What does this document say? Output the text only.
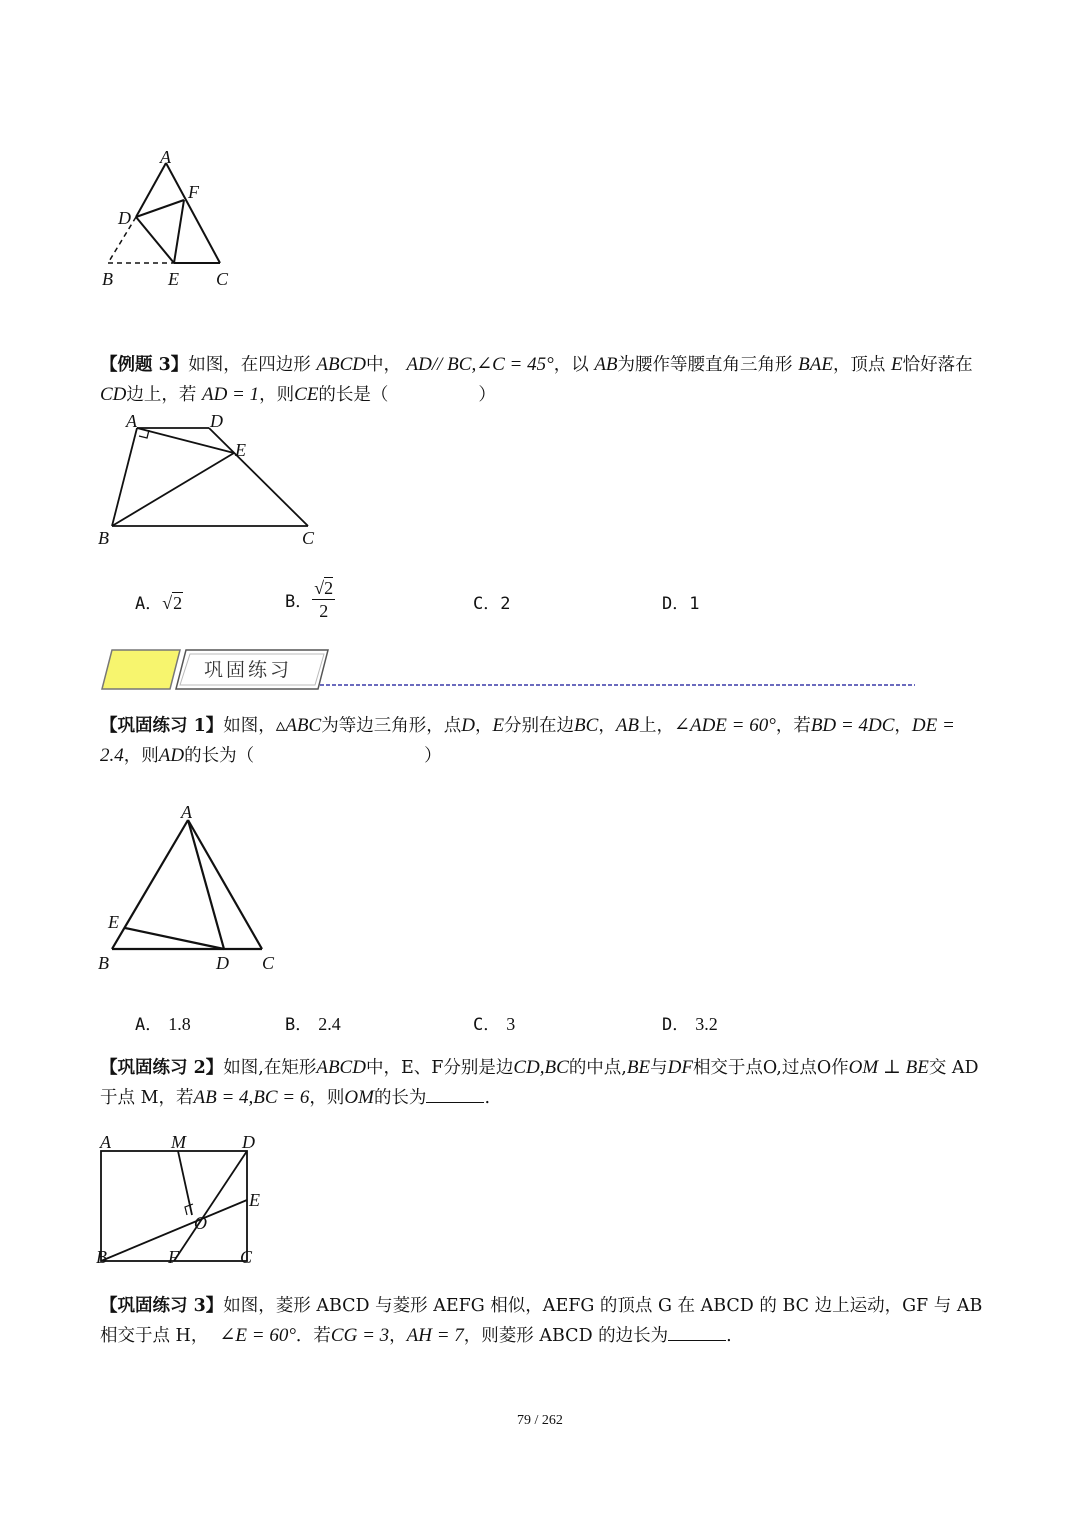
A
F
D
B	E C
【例题 3】如图，在四边形 ABCD中， AD// BC,∠C = 45°，以 AB为腰作等腰直角三角形 BAE，顶点 E恰好落在CD边上，若 AD = 1，则CE的长是（	）
A	D
E
B	C
A．√2	B． $\frac{√2}{2}$	C．2	D．1
巩固练习
【巩固练习 1】如图，▵ABC为等边三角形，点D，E分别在边BC，AB上，∠ADE = 60°，若BD = 4DC，DE = 2.4，则AD的长为（	）
A
E
B	D C
A． 1.8	B． 2.4	C． 3	D． 3.2
【巩固练习 2】如图,在矩形ABCD中，E、F分别是边CD,BC的中点,BE与DF相交于点O,过点O作OM ⊥ BE交 AD 于点 M，若AB = 4,BC = 6，则OM的长为	.
A	M	D
E
O
B	F	C
【巩固练习 3】如图，菱形 ABCD 与菱形 AEFG 相似，AEFG 的顶点 G 在 ABCD 的 BC 边上运动，GF 与 AB 相交于点 H， ∠E = 60°．若CG = 3，AH = 7，则菱形 ABCD 的边长为	.
79 / 262
